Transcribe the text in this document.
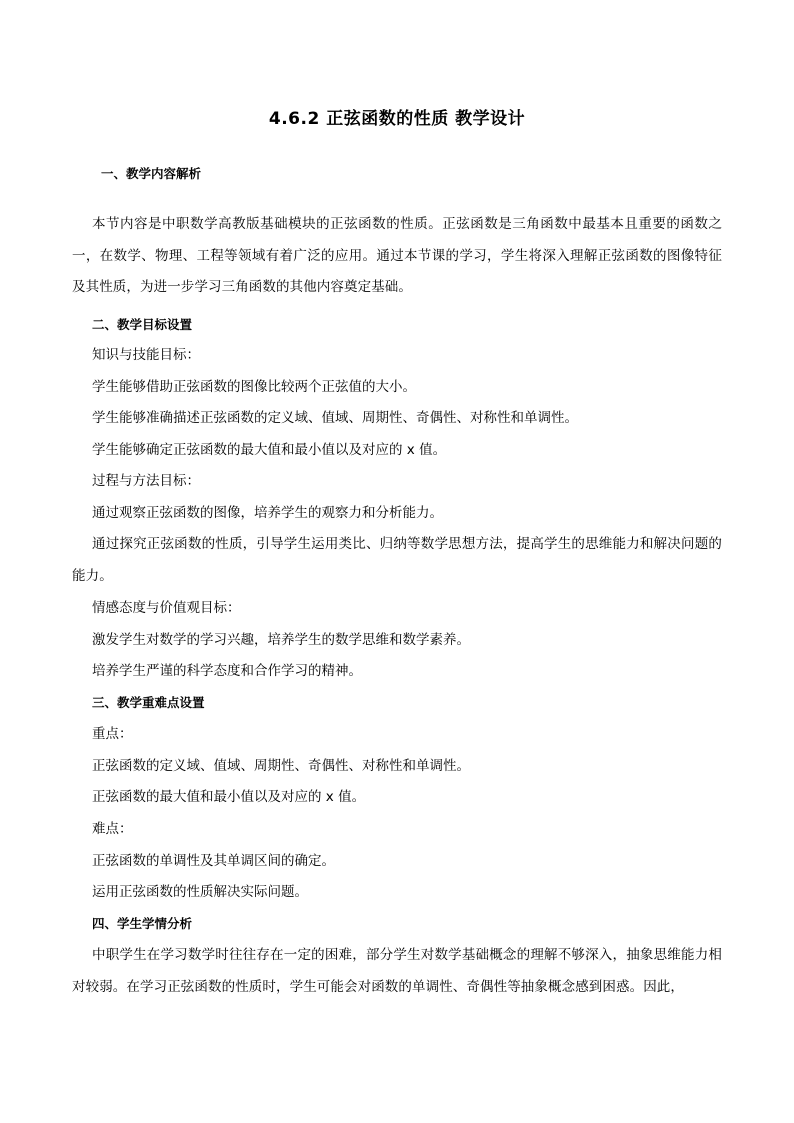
4.6.2 正弦函数的性质 教学设计
一、教学内容解析
本节内容是中职数学高教版基础模块的正弦函数的性质。正弦函数是三角函数中最基本且重要的函数之一，在数学、物理、工程等领域有着广泛的应用。通过本节课的学习，学生将深入理解正弦函数的图像特征及其性质，为进一步学习三角函数的其他内容奠定基础。
二、教学目标设置
知识与技能目标：
学生能够借助正弦函数的图像比较两个正弦值的大小。
学生能够准确描述正弦函数的定义域、值域、周期性、奇偶性、对称性和单调性。
学生能够确定正弦函数的最大值和最小值以及对应的 x 值。
过程与方法目标：
通过观察正弦函数的图像，培养学生的观察力和分析能力。
通过探究正弦函数的性质，引导学生运用类比、归纳等数学思想方法，提高学生的思维能力和解决问题的能力。
情感态度与价值观目标：
激发学生对数学的学习兴趣，培养学生的数学思维和数学素养。
培养学生严谨的科学态度和合作学习的精神。
三、教学重难点设置
重点：
正弦函数的定义域、值域、周期性、奇偶性、对称性和单调性。
正弦函数的最大值和最小值以及对应的 x 值。
难点：
正弦函数的单调性及其单调区间的确定。
运用正弦函数的性质解决实际问题。
四、学生学情分析
中职学生在学习数学时往往存在一定的困难，部分学生对数学基础概念的理解不够深入，抽象思维能力相对较弱。在学习正弦函数的性质时，学生可能会对函数的单调性、奇偶性等抽象概念感到困惑。因此，
